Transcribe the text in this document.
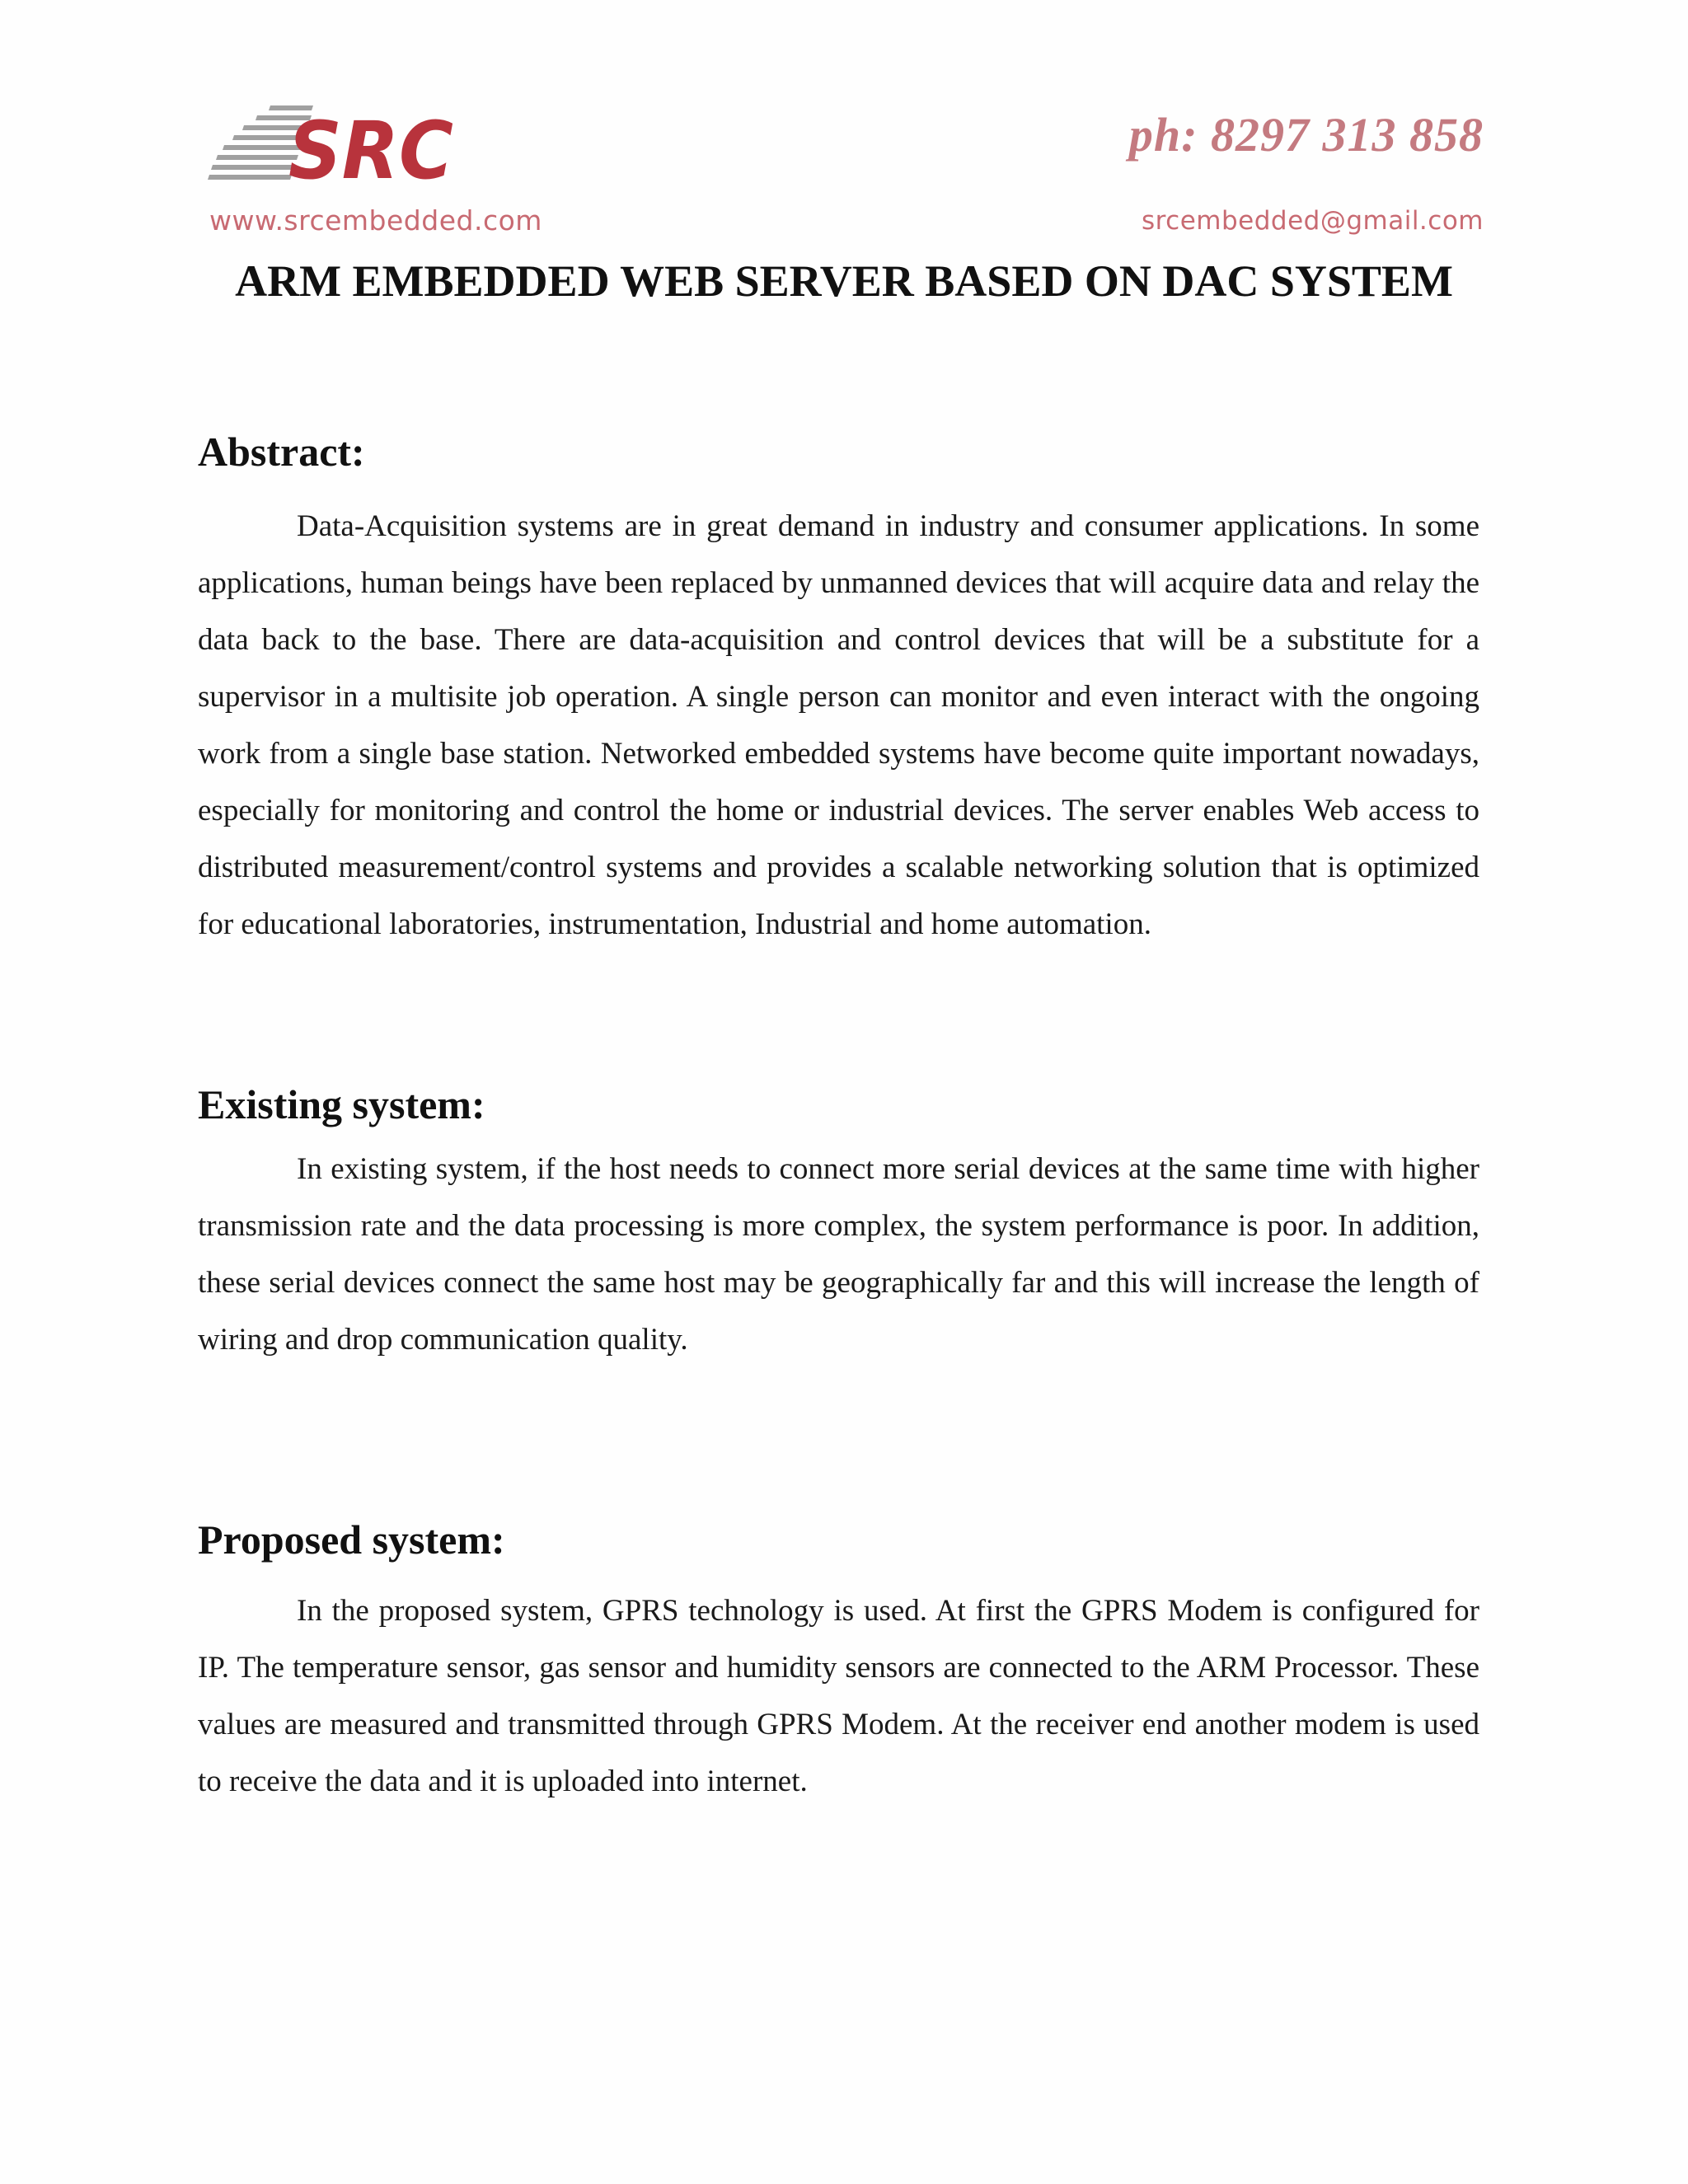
SRC	ph: 8297 313 858
www.srcembedded.com	srcembedded@gmail.com
ARM EMBEDDED WEB SERVER BASED ON DAC SYSTEM
Abstract:

Data-Acquisition systems are in great demand in industry and consumer applications. In some applications, human beings have been replaced by unmanned devices that will acquire data and relay the data back to the base. There are data-acquisition and control devices that will be a substitute for a supervisor in a multisite job operation. A single person can monitor and even interact with the ongoing work from a single base station. Networked embedded systems have become quite important nowadays, especially for monitoring and control the home or industrial devices. The server enables Web access to distributed measurement/control systems and provides a scalable networking solution that is optimized for educational laboratories, instrumentation, Industrial and home automation.

Existing system:

In existing system, if the host needs to connect more serial devices at the same time with higher transmission rate and the data processing is more complex, the system performance is poor. In addition, these serial devices connect the same host may be geographically far and this will increase the length of wiring and drop communication quality.

Proposed system:

In the proposed system, GPRS technology is used. At first the GPRS Modem is configured for IP. The temperature sensor, gas sensor and humidity sensors are connected to the ARM Processor. These values are measured and transmitted through GPRS Modem. At the receiver end another modem is used to receive the data and it is uploaded into internet.
